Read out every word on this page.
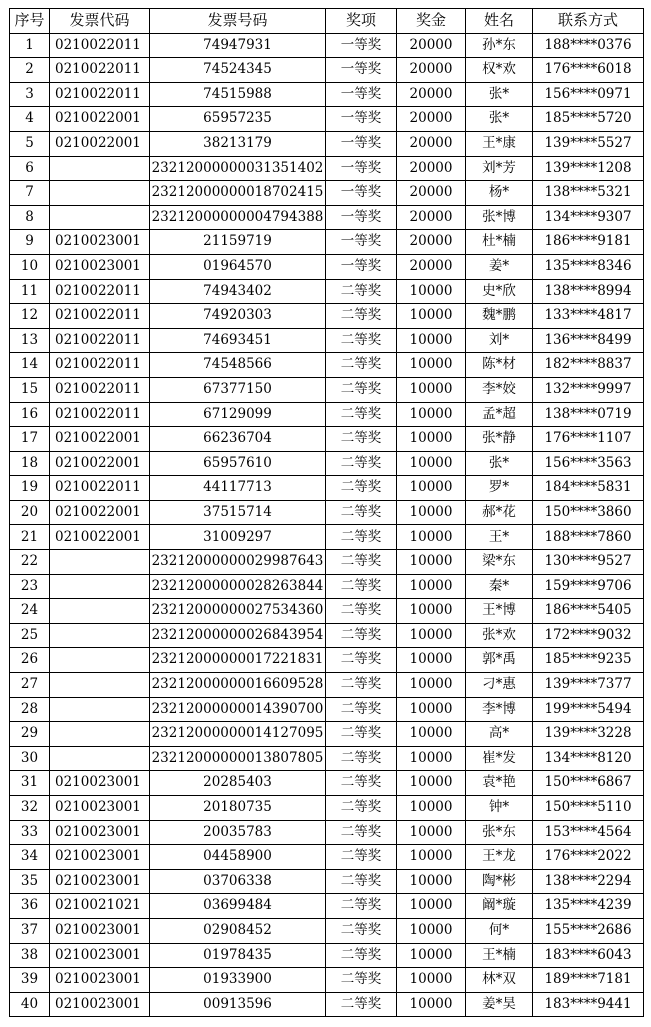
序号	发票代码	发票号码	奖项	奖金	姓名	联系方式
1	0210022011	74947931	一等奖	20000	孙*东	188****0376
2	0210022011	74524345	一等奖	20000	权*欢	176****6018
3	0210022011	74515988	一等奖	20000	张*	156****0971
4	0210022001	65957235	一等奖	20000	张*	185****5720
5	0210022001	38213179	一等奖	20000	王*康	139****5527
6		23212000000031351402	一等奖	20000	刘*芳	139****1208
7		23212000000018702415	一等奖	20000	杨*	138****5321
8		23212000000004794388	一等奖	20000	张*博	134****9307
9	0210023001	21159719	一等奖	20000	杜*楠	186****9181
10	0210023001	01964570	一等奖	20000	姜*	135****8346
11	0210022011	74943402	二等奖	10000	史*欣	138****8994
12	0210022011	74920303	二等奖	10000	魏*鹏	133****4817
13	0210022011	74693451	二等奖	10000	刘*	136****8499
14	0210022011	74548566	二等奖	10000	陈*材	182****8837
15	0210022011	67377150	二等奖	10000	李*姣	132****9997
16	0210022011	67129099	二等奖	10000	孟*超	138****0719
17	0210022001	66236704	二等奖	10000	张*静	176****1107
18	0210022001	65957610	二等奖	10000	张*	156****3563
19	0210022011	44117713	二等奖	10000	罗*	184****5831
20	0210022001	37515714	二等奖	10000	郝*花	150****3860
21	0210022001	31009297	二等奖	10000	王*	188****7860
22		23212000000029987643	二等奖	10000	梁*东	130****9527
23		23212000000028263844	二等奖	10000	秦*	159****9706
24		23212000000027534360	二等奖	10000	王*博	186****5405
25		23212000000026843954	二等奖	10000	张*欢	172****9032
26		23212000000017221831	二等奖	10000	郭*禹	185****9235
27		23212000000016609528	二等奖	10000	刁*惠	139****7377
28		23212000000014390700	二等奖	10000	李*博	199****5494
29		23212000000014127095	二等奖	10000	高*	139****3228
30		23212000000013807805	二等奖	10000	崔*发	134****8120
31	0210023001	20285403	二等奖	10000	袁*艳	150****6867
32	0210023001	20180735	二等奖	10000	钟*	150****5110
33	0210023001	20035783	二等奖	10000	张*东	153****4564
34	0210023001	04458900	二等奖	10000	王*龙	176****2022
35	0210023001	03706338	二等奖	10000	陶*彬	138****2294
36	0210021021	03699484	二等奖	10000	阚*璇	135****4239
37	0210023001	02908452	二等奖	10000	何*	155****2686
38	0210023001	01978435	二等奖	10000	王*楠	183****6043
39	0210023001	01933900	二等奖	10000	林*双	189****7181
40	0210023001	00913596	二等奖	10000	姜*昊	183****9441
